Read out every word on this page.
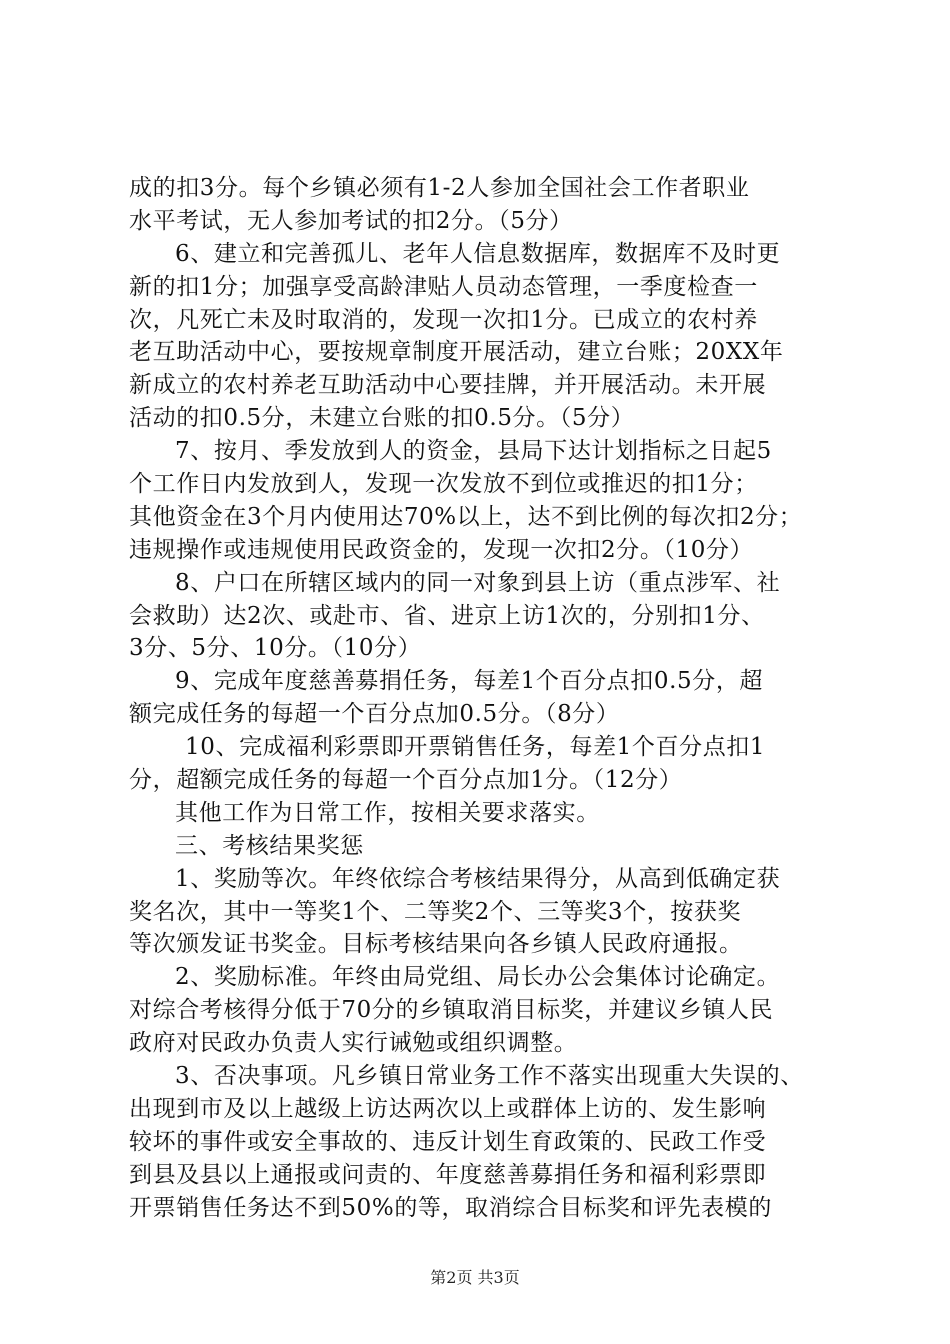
成的扣3分。每个乡镇必须有1-2人参加全国社会工作者职业
水平考试，无人参加考试的扣2分。（5分）
6、建立和完善孤儿、老年人信息数据库，数据库不及时更
新的扣1分；加强享受高龄津贴人员动态管理，一季度检查一
次，凡死亡未及时取消的，发现一次扣1分。已成立的农村养
老互助活动中心，要按规章制度开展活动，建立台账；20XX年
新成立的农村养老互助活动中心要挂牌，并开展活动。未开展
活动的扣0.5分，未建立台账的扣0.5分。（5分）
7、按月、季发放到人的资金，县局下达计划指标之日起5
个工作日内发放到人，发现一次发放不到位或推迟的扣1分；
其他资金在3个月内使用达70%以上，达不到比例的每次扣2分；
违规操作或违规使用民政资金的，发现一次扣2分。（10分）
8、户口在所辖区域内的同一对象到县上访（重点涉军、社
会救助）达2次、或赴市、省、进京上访1次的，分别扣1分、
3分、5分、10分。（10分）
9、完成年度慈善募捐任务，每差1个百分点扣0.5分，超
额完成任务的每超一个百分点加0.5分。（8分）
10、完成福利彩票即开票销售任务，每差1个百分点扣1
分，超额完成任务的每超一个百分点加1分。（12分）
其他工作为日常工作，按相关要求落实。
三、考核结果奖惩
1、奖励等次。年终依综合考核结果得分，从高到低确定获
奖名次，其中一等奖1个、二等奖2个、三等奖3个，按获奖
等次颁发证书奖金。目标考核结果向各乡镇人民政府通报。
2、奖励标准。年终由局党组、局长办公会集体讨论确定。
对综合考核得分低于70分的乡镇取消目标奖，并建议乡镇人民
政府对民政办负责人实行诫勉或组织调整。
3、否决事项。凡乡镇日常业务工作不落实出现重大失误的、
出现到市及以上越级上访达两次以上或群体上访的、发生影响
较坏的事件或安全事故的、违反计划生育政策的、民政工作受
到县及县以上通报或问责的、年度慈善募捐任务和福利彩票即
开票销售任务达不到50%的等，取消综合目标奖和评先表模的
第2页 共3页
